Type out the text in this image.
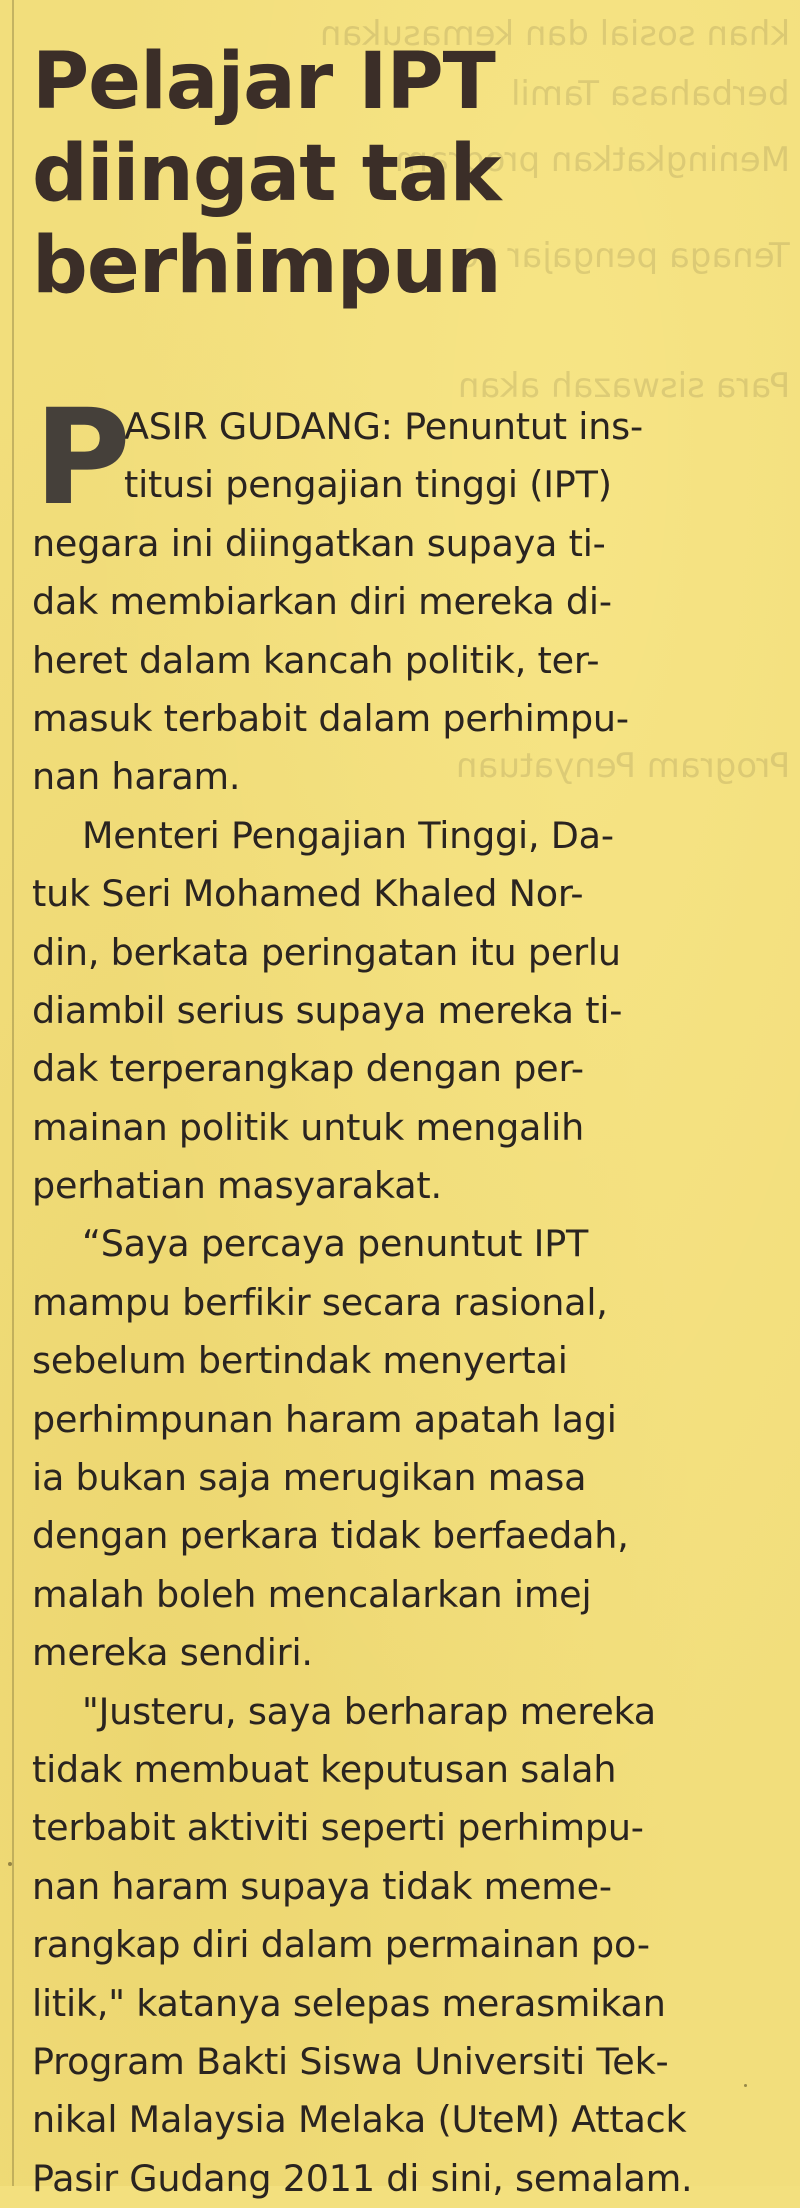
khan sosial dan kemasukan
berbahasa Tamil
Meningkatkan program
Tenaga pengajar se
Para siswazah akan
Program Penyatuan
Pelajar IPT
diingat tak
berhimpun
P
ASIR GUDANG: Penuntut ins-
titusi pengajian tinggi (IPT)
negara ini diingatkan supaya ti-
dak membiarkan diri mereka di-
heret dalam kancah politik, ter-
masuk terbabit dalam perhimpu-
nan haram.
Menteri Pengajian Tinggi, Da-
tuk Seri Mohamed Khaled Nor-
din, berkata peringatan itu perlu
diambil serius supaya mereka ti-
dak terperangkap dengan per-
mainan politik untuk mengalih
perhatian masyarakat.
“Saya percaya penuntut IPT
mampu berfikir secara rasional,
sebelum bertindak menyertai
perhimpunan haram apatah lagi
ia bukan saja merugikan masa
dengan perkara tidak berfaedah,
malah boleh mencalarkan imej
mereka sendiri.
"Justeru, saya berharap mereka
tidak membuat keputusan salah
terbabit aktiviti seperti perhimpu-
nan haram supaya tidak meme-
rangkap diri dalam permainan po-
litik," katanya selepas merasmikan
Program Bakti Siswa Universiti Tek-
nikal Malaysia Melaka (UteM) Attack
Pasir Gudang 2011 di sini, semalam.
